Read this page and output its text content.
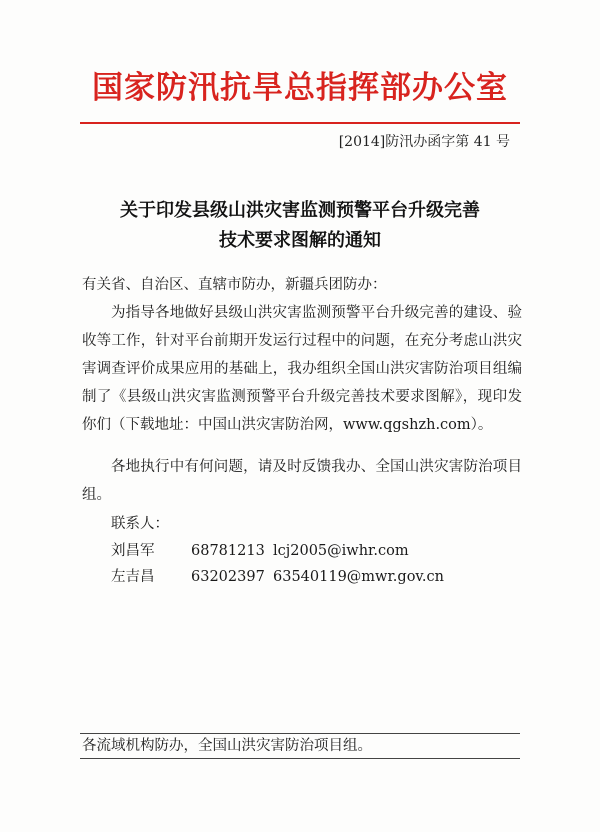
国家防汛抗旱总指挥部办公室
[2014]防汛办函字第 41 号
关于印发县级山洪灾害监测预警平台升级完善
技术要求图解的通知
有关省、自治区、直辖市防办，新疆兵团防办：
为指导各地做好县级山洪灾害监测预警平台升级完善的建设、验收等工作，针对平台前期开发运行过程中的问题，在充分考虑山洪灾害调查评价成果应用的基础上，我办组织全国山洪灾害防治项目组编制了《县级山洪灾害监测预警平台升级完善技术要求图解》，现印发你们（下载地址：中国山洪灾害防治网，www.qgshzh.com）。
各地执行中有何问题，请及时反馈我办、全国山洪灾害防治项目组。
联系人：
刘昌军	68781213 lcj2005@iwhr.com
左吉昌	63202397 63540119@mwr.gov.cn
各流域机构防办，全国山洪灾害防治项目组。
